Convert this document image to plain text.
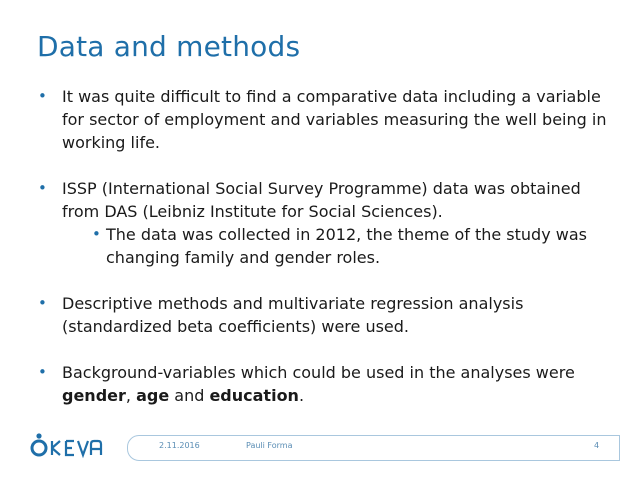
Data and methods
• It was quite difficult to find a comparative data including a variable for sector of employment and variables measuring the well being in working life.
• ISSP (International Social Survey Programme) data was obtained from DAS (Leibniz Institute for Social Sciences).
• The data was collected in 2012, the theme of the study was changing family and gender roles.
• Descriptive methods and multivariate regression analysis (standardized beta coefficients) were used.
• Background-variables which could be used in the analyses were gender, age and education.
2.11.2016	Pauli Forma	4
